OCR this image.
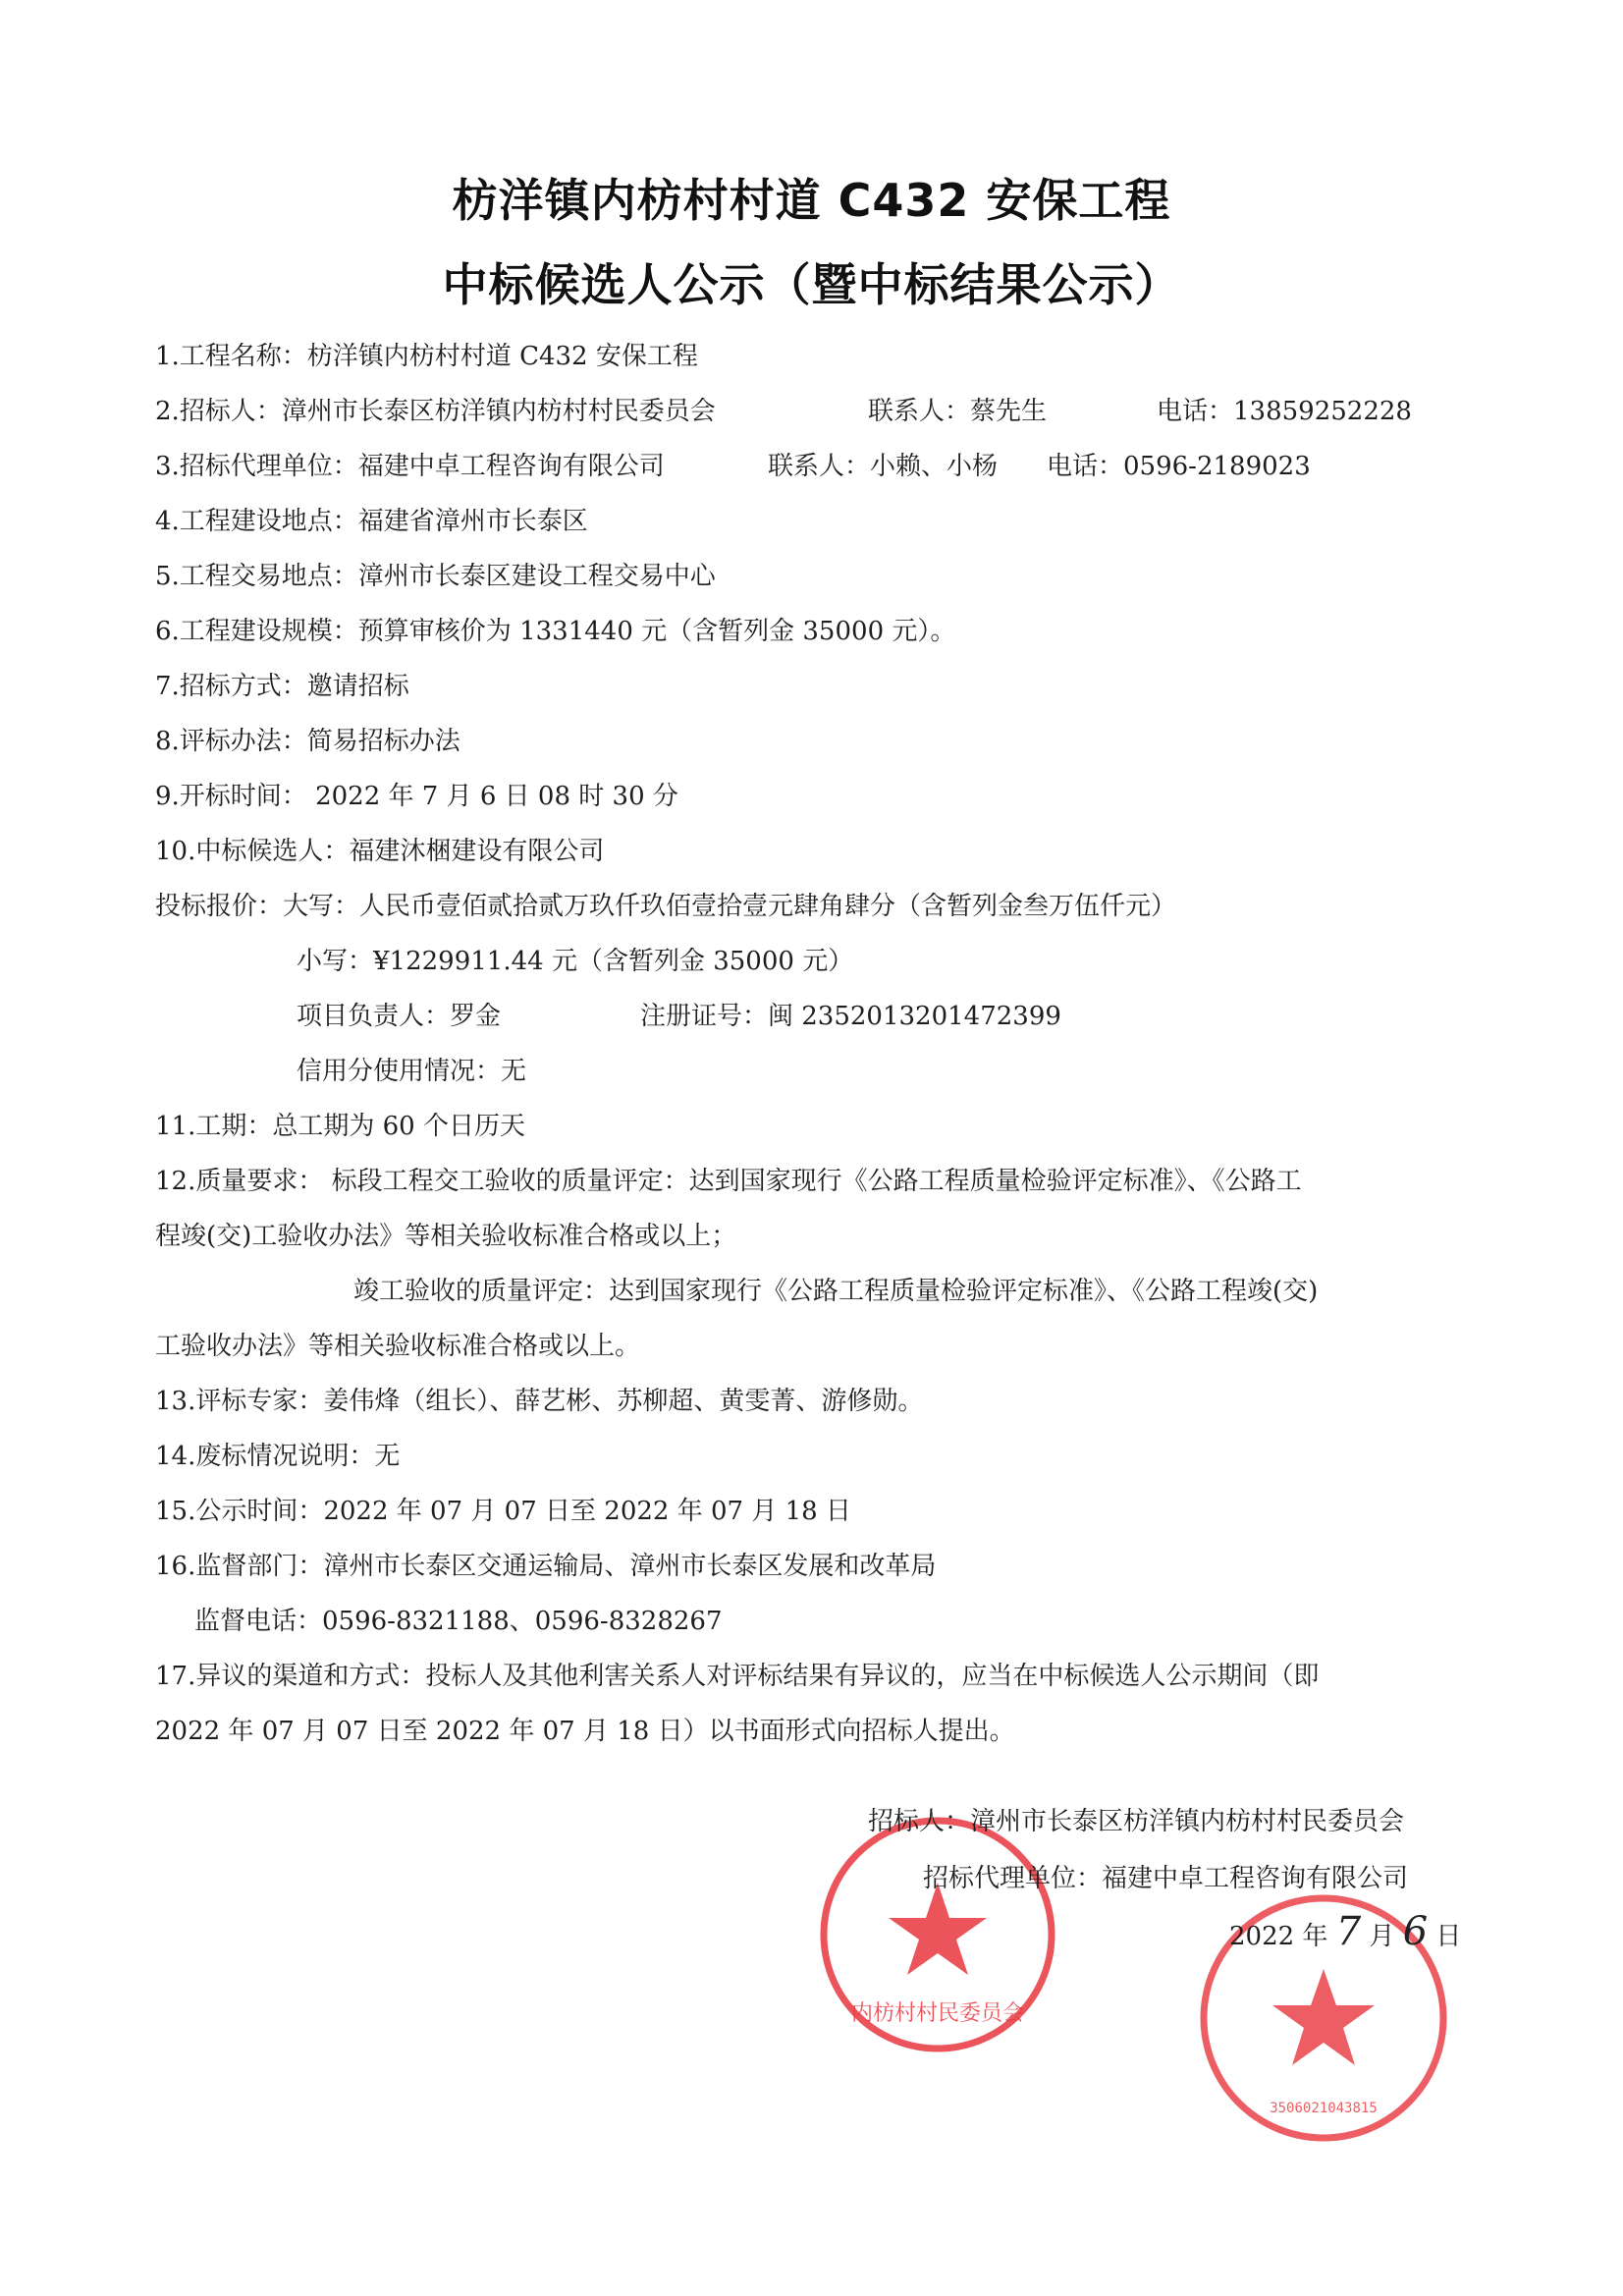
枋洋镇内枋村村道 C432 安保工程
中标候选人公示（暨中标结果公示）
1.工程名称：枋洋镇内枋村村道 C432 安保工程
2.招标人：漳州市长泰区枋洋镇内枋村村民委员会	联系人：蔡先生	电话：13859252228
3.招标代理单位：福建中卓工程咨询有限公司	联系人：小赖、小杨 电话：0596-2189023
4.工程建设地点：福建省漳州市长泰区
5.工程交易地点：漳州市长泰区建设工程交易中心
6.工程建设规模：预算审核价为 1331440 元（含暂列金 35000 元）。
7.招标方式：邀请招标
8.评标办法：简易招标办法
9.开标时间： 2022 年 7 月 6 日 08 时 30 分
10.中标候选人：福建沐梱建设有限公司
投标报价：大写：人民币壹佰贰拾贰万玖仟玖佰壹拾壹元肆角肆分（含暂列金叁万伍仟元）
小写：¥1229911.44 元（含暂列金 35000 元）
项目负责人：罗金	注册证号：闽 2352013201472399
信用分使用情况：无
11.工期：总工期为 60 个日历天
12.质量要求： 标段工程交工验收的质量评定：达到国家现行《公路工程质量检验评定标准》、《公路工
程竣(交)工验收办法》等相关验收标准合格或以上；
竣工验收的质量评定：达到国家现行《公路工程质量检验评定标准》、《公路工程竣(交)
工验收办法》等相关验收标准合格或以上。
13.评标专家：姜伟烽（组长）、薛艺彬、苏柳超、黄雯菁、游修勋。
14.废标情况说明：无
15.公示时间：2022 年 07 月 07 日至 2022 年 07 月 18 日
16.监督部门：漳州市长泰区交通运输局、漳州市长泰区发展和改革局
监督电话：0596-8321188、0596-8328267
17.异议的渠道和方式：投标人及其他利害关系人对评标结果有异议的，应当在中标候选人公示期间（即
2022 年 07 月 07 日至 2022 年 07 月 18 日）以书面形式向招标人提出。
内枋村村民委员会
3506021043815
招标人：漳州市长泰区枋洋镇内枋村村民委员会
招标代理单位：福建中卓工程咨询有限公司
2022 年 7 月 6 日
